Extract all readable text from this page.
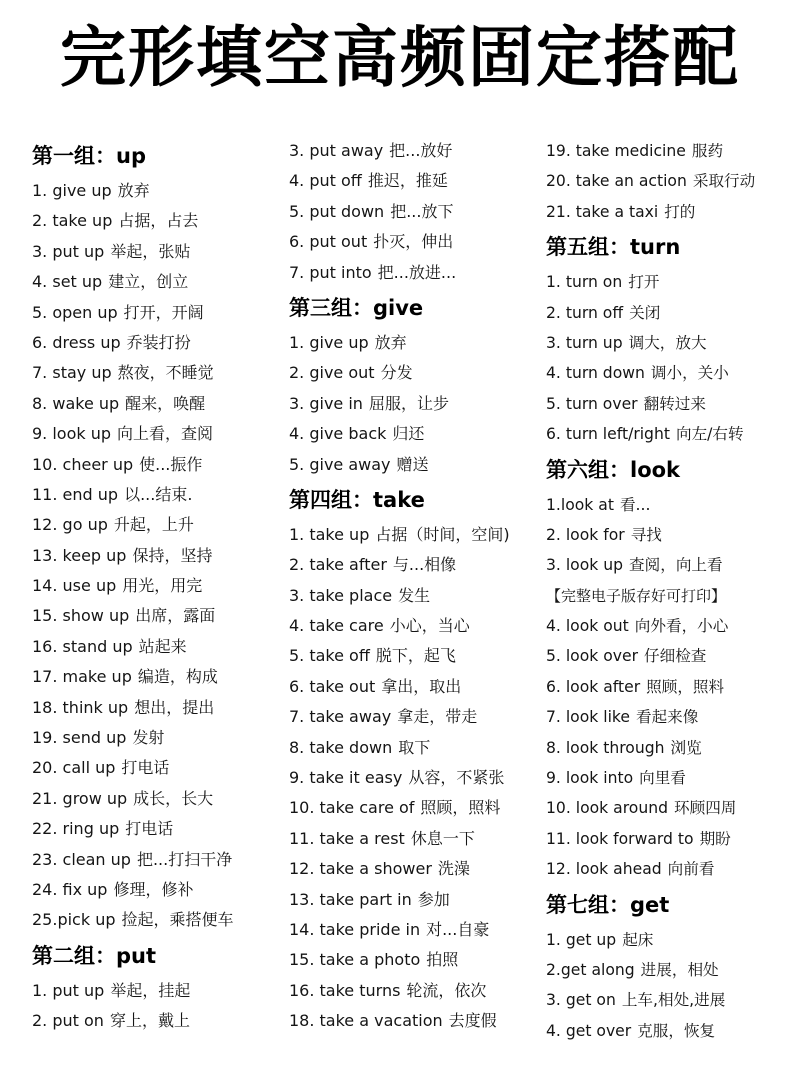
完形填空高频固定搭配
第一组：up
1. give up 放弃
2. take up 占据，占去
3. put up 举起，张贴
4. set up 建立，创立
5. open up 打开，开阔
6. dress up 乔装打扮
7. stay up 熬夜，不睡觉
8. wake up 醒来，唤醒
9. look up 向上看，查阅
10. cheer up 使...振作
11. end up 以...结束.
12. go up 升起，上升
13. keep up 保持，坚持
14. use up 用光，用完
15. show up 出席，露面
16. stand up 站起来
17. make up 编造，构成
18. think up 想出，提出
19. send up 发射
20. call up 打电话
21. grow up 成长，长大
22. ring up 打电话
23. clean up 把...打扫干净
24. fix up 修理，修补
25.pick up 捡起，乘搭便车
第二组：put
1. put up 举起，挂起
2. put on 穿上，戴上
3. put away 把...放好
4. put off 推迟，推延
5. put down 把...放下
6. put out 扑灭，伸出
7. put into 把...放进...
第三组：give
1. give up 放弃
2. give out 分发
3. give in 屈服，让步
4. give back 归还
5. give away 赠送
第四组：take
1. take up 占据（时间，空间)
2. take after 与...相像
3. take place 发生
4. take care 小心，当心
5. take off 脱下，起飞
6. take out 拿出，取出
7. take away 拿走，带走
8. take down 取下
9. take it easy 从容，不紧张
10. take care of 照顾，照料
11. take a rest 休息一下
12. take a shower 洗澡
13. take part in 参加
14. take pride in 对...自豪
15. take a photo 拍照
16. take turns 轮流，依次
18. take a vacation 去度假
19. take medicine 服药
20. take an action 采取行动
21. take a taxi 打的
第五组：turn
1. turn on 打开
2. turn off 关闭
3. turn up 调大，放大
4. turn down 调小，关小
5. turn over 翻转过来
6. turn left/right 向左/右转
第六组：look
1.look at 看...
2. look for 寻找
3. look up 查阅，向上看
【完整电子版存好可打印】
4. look out 向外看，小心
5. look over 仔细检查
6. look after 照顾，照料
7. look like 看起来像
8. look through 浏览
9. look into 向里看
10. look around 环顾四周
11. look forward to 期盼
12. look ahead 向前看
第七组：get
1. get up 起床
2.get along 进展，相处
3. get on 上车,相处,进展
4. get over 克服，恢复
